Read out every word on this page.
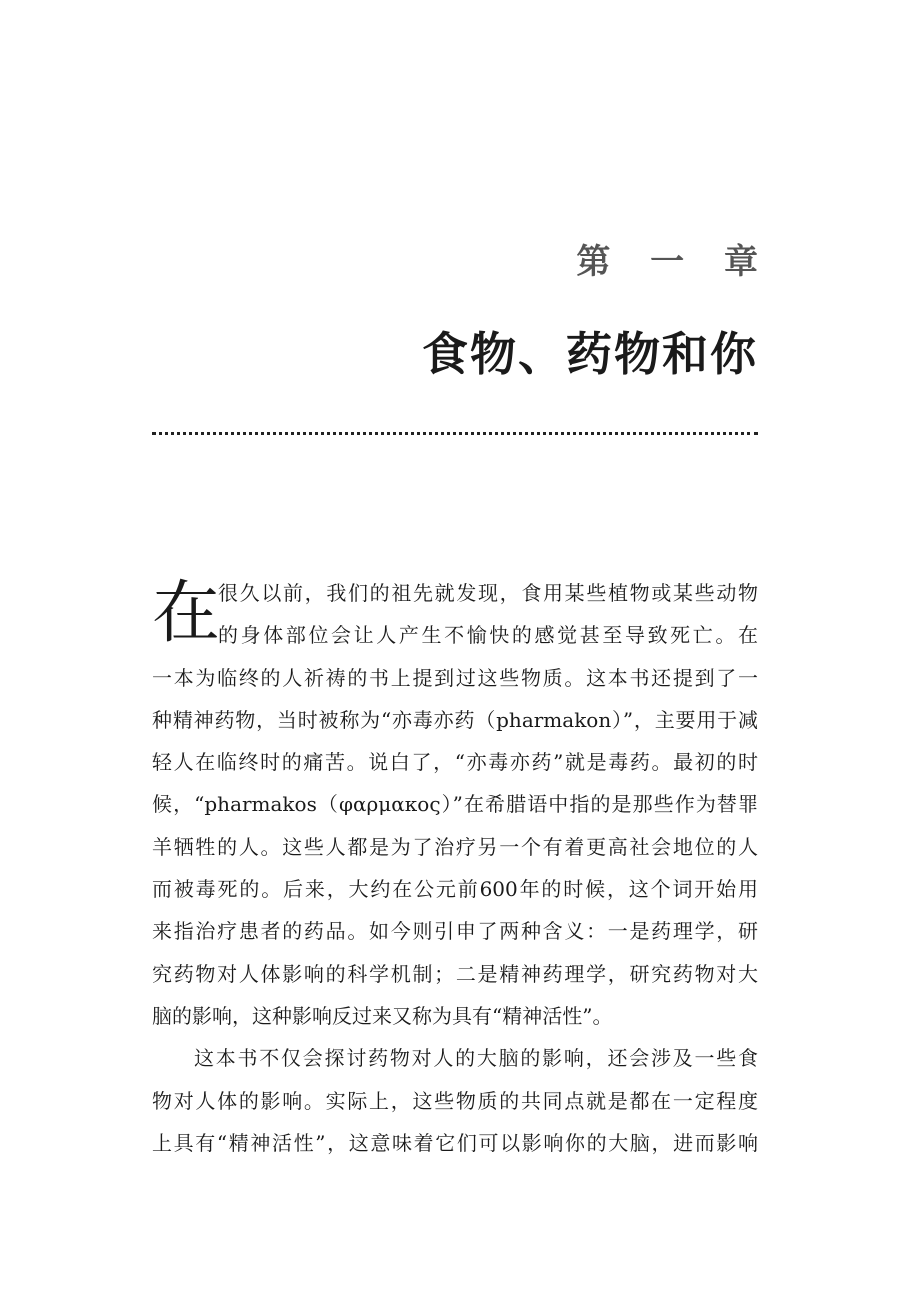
第 一 章
食物、药物和你
在
很久以前，我们的祖先就发现，食用某些植物或某些动物
的身体部位会让人产生不愉快的感觉甚至导致死亡。在
一本为临终的人祈祷的书上提到过这些物质。这本书还提到了一
种精神药物，当时被称为“亦毒亦药（pharmakon）”，主要用于减
轻人在临终时的痛苦。说白了，“亦毒亦药”就是毒药。最初的时
候，“pharmakos（φαρμακος）”在希腊语中指的是那些作为替罪
羊牺牲的人。这些人都是为了治疗另一个有着更高社会地位的人
而被毒死的。后来，大约在公元前600年的时候，这个词开始用
来指治疗患者的药品。如今则引申了两种含义：一是药理学，研
究药物对人体影响的科学机制；二是精神药理学，研究药物对大
脑的影响，这种影响反过来又称为具有“精神活性”。
这本书不仅会探讨药物对人的大脑的影响，还会涉及一些食
物对人体的影响。实际上，这些物质的共同点就是都在一定程度
上具有“精神活性”，这意味着它们可以影响你的大脑，进而影响
